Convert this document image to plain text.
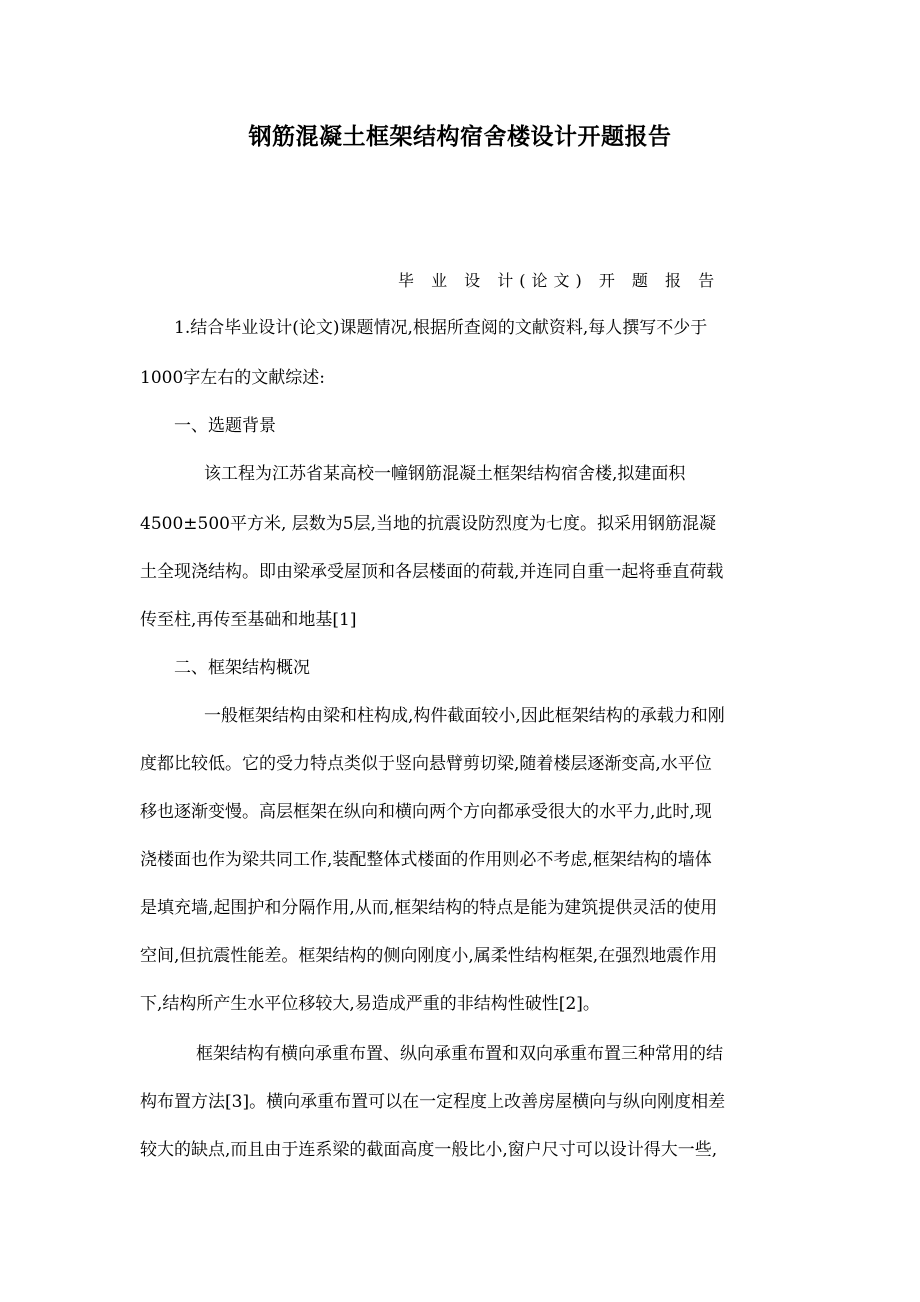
钢筋混凝土框架结构宿舍楼设计开题报告
毕 业 设 计(论文) 开 题 报 告
1.结合毕业设计(论文)课题情况,根据所查阅的文献资料,每人撰写不少于
1000字左右的文献综述:
一、选题背景
该工程为江苏省某高校一幢钢筋混凝土框架结构宿舍楼,拟建面积
4500±500平方米, 层数为5层,当地的抗震设防烈度为七度。拟采用钢筋混凝
土全现浇结构。即由梁承受屋顶和各层楼面的荷载,并连同自重一起将垂直荷载
传至柱,再传至基础和地基[1]
二、框架结构概况
一般框架结构由梁和柱构成,构件截面较小,因此框架结构的承载力和刚
度都比较低。它的受力特点类似于竖向悬臂剪切梁,随着楼层逐渐变高,水平位
移也逐渐变慢。高层框架在纵向和横向两个方向都承受很大的水平力,此时,现
浇楼面也作为梁共同工作,装配整体式楼面的作用则必不考虑,框架结构的墙体
是填充墙,起围护和分隔作用,从而,框架结构的特点是能为建筑提供灵活的使用
空间,但抗震性能差。框架结构的侧向刚度小,属柔性结构框架,在强烈地震作用
下,结构所产生水平位移较大,易造成严重的非结构性破性[2]。
框架结构有横向承重布置、纵向承重布置和双向承重布置三种常用的结
构布置方法[3]。横向承重布置可以在一定程度上改善房屋横向与纵向刚度相差
较大的缺点,而且由于连系梁的截面高度一般比小,窗户尺寸可以设计得大一些,
